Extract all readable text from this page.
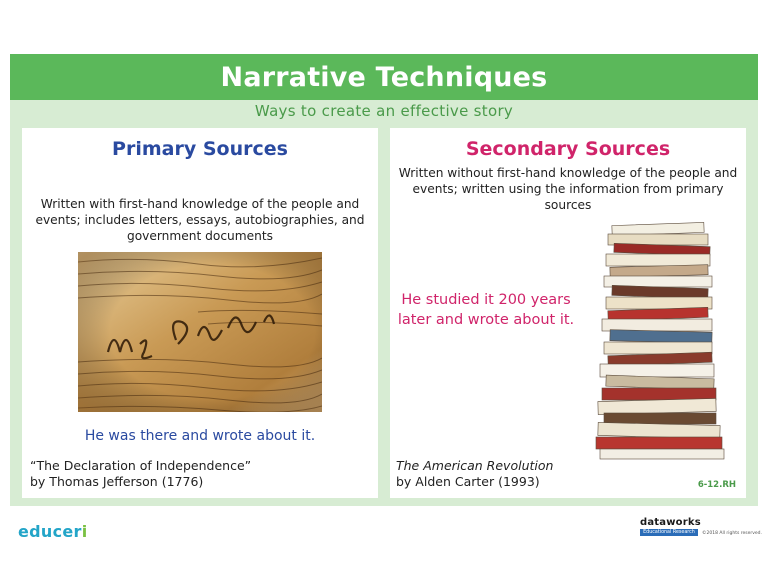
Narrative Techniques
Ways to create an effective story
Primary Sources
Written with first-hand knowledge of the people and events; includes letters, essays, autobiographies, and government documents
He was there and wrote about it.
“The Declaration of Independence”
by Thomas Jefferson (1776)
Secondary Sources
Written without first-hand knowledge of the people and events; written using the information from primary sources
He studied it 200 years later and wrote about it.
The American Revolution
by Alden Carter (1993)	6-12.RH
educeri	dataworks
Educational Research	©2018 All rights reserved.
